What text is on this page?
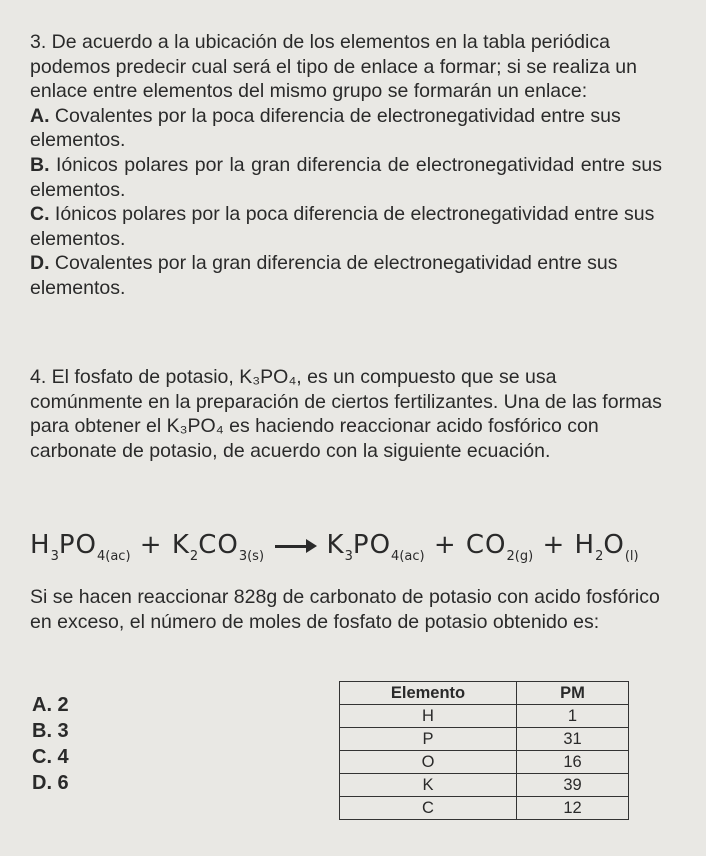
3. De acuerdo a la ubicación de los elementos en la tabla periódica podemos predecir cual será el tipo de enlace a formar; si se realiza un enlace entre elementos del mismo grupo se formarán un enlace:

A. Covalentes por la poca diferencia de electronegatividad entre sus elementos.

B. Iónicos polares por la gran diferencia de electronegatividad entre sus elementos.

C. Iónicos polares por la poca diferencia de electronegatividad entre sus elementos.

D. Covalentes por la gran diferencia de electronegatividad entre sus elementos.

4. El fosfato de potasio, K₃PO₄, es un compuesto que se usa comúnmente en la preparación de ciertos fertilizantes. Una de las formas para obtener el K₃PO₄ es haciendo reaccionar acido fosfórico con carbonate de potasio, de acuerdo con la siguiente ecuación.

$H_3PO_{4(ac)} + K_2CO_{3(s)}$ $K_3PO_{4(ac)} + CO_{2(g)} + H_2O_{(l)}$

Si se hacen reaccionar 828g de carbonato de potasio con acido fosfórico en exceso, el número de moles de fosfato de potasio obtenido es:

A. 2
B. 3
C. 4
D. 6
Elemento	PM
H	1
P	31
O	16
K	39
C	12
